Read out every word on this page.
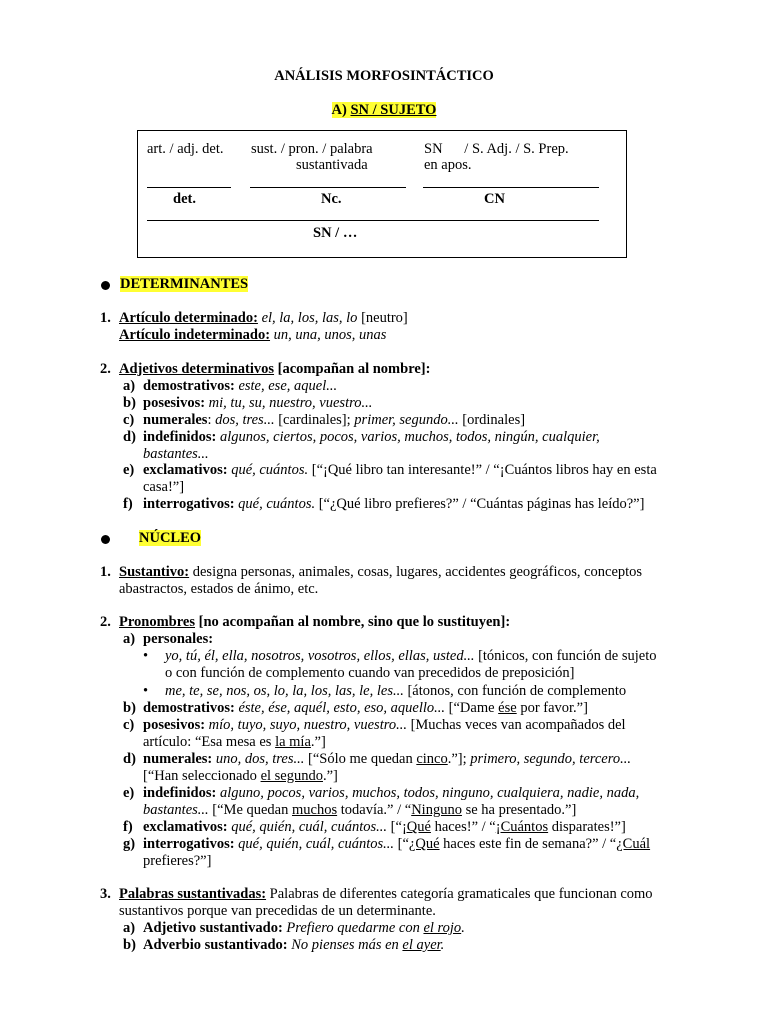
ANÁLISIS MORFOSINTÁCTICO
A) SN / SUJETO
art. / adj. det. sust. / pron. / palabra
sustantivada
SN      / S. Adj. / S. Prep.
en apos.
det.	Nc.	CN
SN / …
DETERMINANTES
1. Artículo determinado: el, la, los, las, lo [neutro]
Artículo indeterminado: un, una, unos, unas
2. Adjetivos determinativos [acompañan al nombre]:
a) demostrativos: este, ese, aquel...
b) posesivos: mi, tu, su, nuestro, vuestro...
c) numerales: dos, tres... [cardinales]; primer, segundo... [ordinales]
d) indefinidos: algunos, ciertos, pocos, varios, muchos, todos, ningún, cualquier,
bastantes...
e) exclamativos: qué, cuántos. [“¡Qué libro tan interesante!” / “¡Cuántos libros hay en esta
casa!”]
f) interrogativos: qué, cuántos. [“¿Qué libro prefieres?” / “Cuántas páginas has leído?”]
NÚCLEO
1. Sustantivo: designa personas, animales, cosas, lugares, accidentes geográficos, conceptos
abastractos, estados de ánimo, etc.
2. Pronombres [no acompañan al nombre, sino que lo sustituyen]:
a) personales:
• yo, tú, él, ella, nosotros, vosotros, ellos, ellas, usted... [tónicos, con función de sujeto
o con función de complemento cuando van precedidos de preposición]
• me, te, se, nos, os, lo, la, los, las, le, les... [átonos, con función de complemento
b) demostrativos: éste, ése, aquél, esto, eso, aquello... [“Dame ése por favor.”]
c) posesivos: mío, tuyo, suyo, nuestro, vuestro... [Muchas veces van acompañados del
artículo: “Esa mesa es la mía.”]
d) numerales: uno, dos, tres... [“Sólo me quedan cinco.”]; primero, segundo, tercero...
[“Han seleccionado el segundo.”]
e) indefinidos: alguno, pocos, varios, muchos, todos, ninguno, cualquiera, nadie, nada,
bastantes... [“Me quedan muchos todavía.” / “Ninguno se ha presentado.”]
f) exclamativos: qué, quién, cuál, cuántos... [“¡Qué haces!” / “¡Cuántos disparates!”]
g) interrogativos: qué, quién, cuál, cuántos... [“¿Qué haces este fin de semana?” / “¿Cuál
prefieres?”]
3. Palabras sustantivadas: Palabras de diferentes categoría gramaticales que funcionan como
sustantivos porque van precedidas de un determinante.
a) Adjetivo sustantivado: Prefiero quedarme con el rojo.
b) Adverbio sustantivado: No pienses más en el ayer.
